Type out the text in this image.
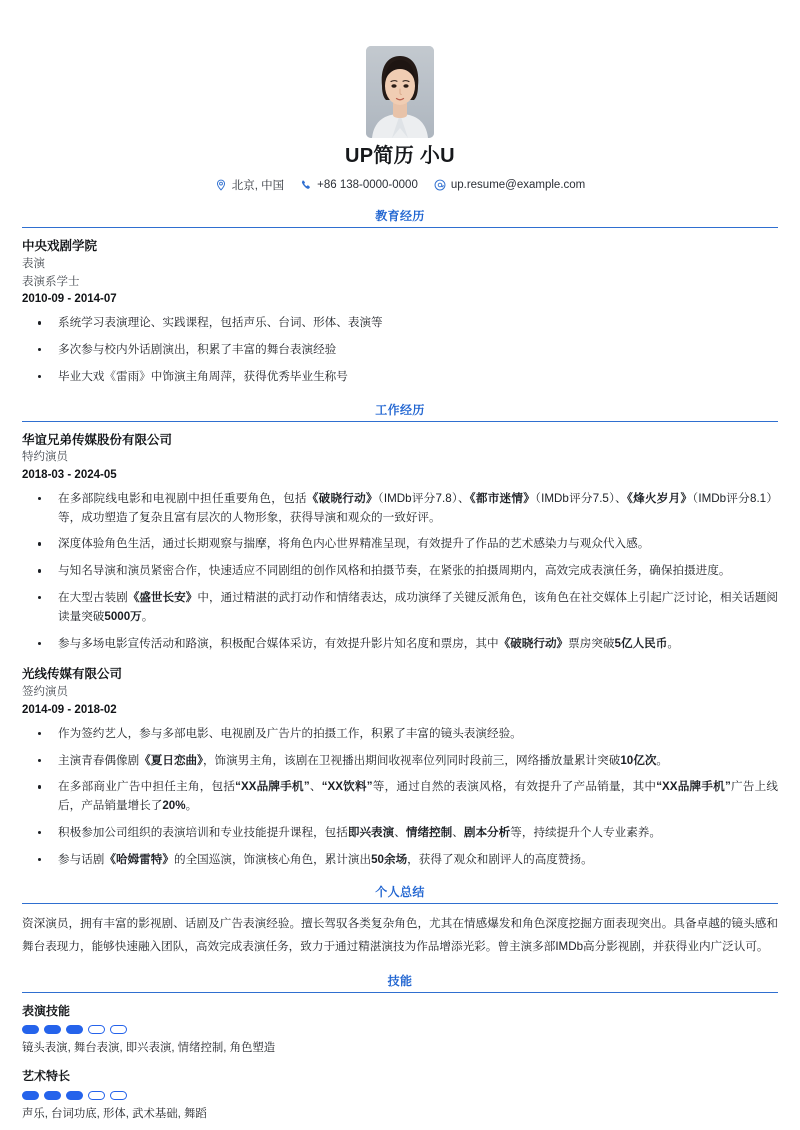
UP简历 小U
北京, 中国	+86 138-0000-0000	up.resume@example.com
教育经历
中央戏剧学院
表演
表演系学士
2010-09 - 2014-07
系统学习表演理论、实践课程，包括声乐、台词、形体、表演等
多次参与校内外话剧演出，积累了丰富的舞台表演经验
毕业大戏《雷雨》中饰演主角周萍，获得优秀毕业生称号
工作经历
华谊兄弟传媒股份有限公司
特约演员
2018-03 - 2024-05
在多部院线电影和电视剧中担任重要角色，包括《破晓行动》（IMDb评分7.8）、《都市迷情》（IMDb评分7.5）、《烽火岁月》（IMDb评分8.1）等，成功塑造了复杂且富有层次的人物形象，获得导演和观众的一致好评。
深度体验角色生活，通过长期观察与揣摩，将角色内心世界精准呈现，有效提升了作品的艺术感染力与观众代入感。
与知名导演和演员紧密合作，快速适应不同剧组的创作风格和拍摄节奏，在紧张的拍摄周期内，高效完成表演任务，确保拍摄进度。
在大型古装剧《盛世长安》中，通过精湛的武打动作和情绪表达，成功演绎了关键反派角色，该角色在社交媒体上引起广泛讨论，相关话题阅读量突破5000万。
参与多场电影宣传活动和路演，积极配合媒体采访，有效提升影片知名度和票房，其中《破晓行动》票房突破5亿人民币。
光线传媒有限公司
签约演员
2014-09 - 2018-02
作为签约艺人，参与多部电影、电视剧及广告片的拍摄工作，积累了丰富的镜头表演经验。
主演青春偶像剧《夏日恋曲》，饰演男主角，该剧在卫视播出期间收视率位列同时段前三，网络播放量累计突破10亿次。
在多部商业广告中担任主角，包括“XX品牌手机”、“XX饮料”等，通过自然的表演风格，有效提升了产品销量，其中“XX品牌手机”广告上线后，产品销量增长了20%。
积极参加公司组织的表演培训和专业技能提升课程，包括即兴表演、情绪控制、剧本分析等，持续提升个人专业素养。
参与话剧《哈姆雷特》的全国巡演，饰演核心角色，累计演出50余场，获得了观众和剧评人的高度赞扬。
个人总结
资深演员，拥有丰富的影视剧、话剧及广告表演经验。擅长驾驭各类复杂角色，尤其在情感爆发和角色深度挖掘方面表现突出。具备卓越的镜头感和舞台表现力，能够快速融入团队，高效完成表演任务，致力于通过精湛演技为作品增添光彩。曾主演多部IMDb高分影视剧，并获得业内广泛认可。
技能
表演技能
镜头表演, 舞台表演, 即兴表演, 情绪控制, 角色塑造
艺术特长
声乐, 台词功底, 形体, 武术基础, 舞蹈
